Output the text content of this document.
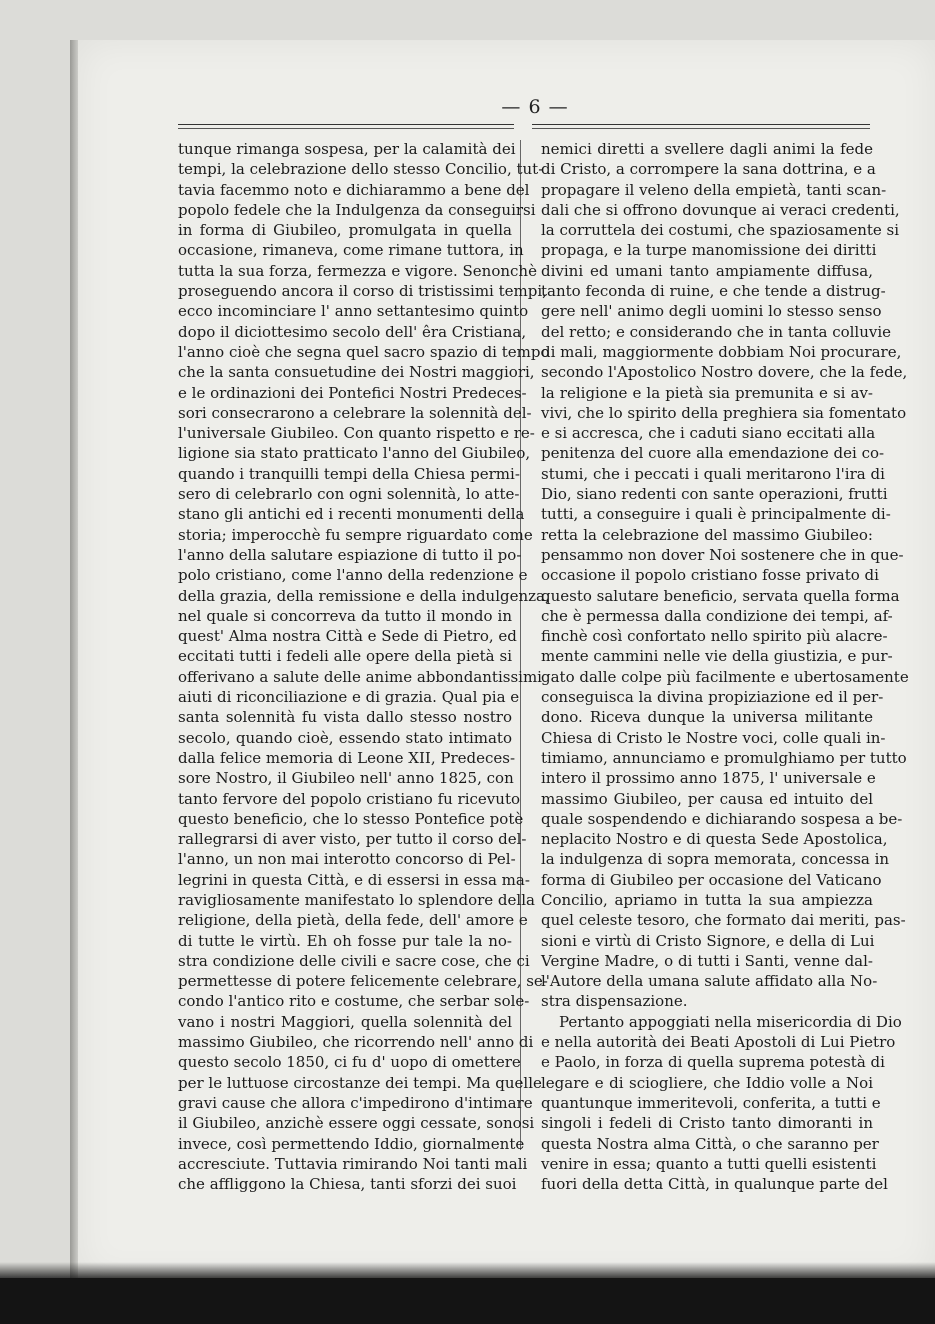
— 6 —
tunque rimanga sospesa, per la calamità dei
tempi, la celebrazione dello stesso Concilio, tut-
tavia facemmo noto e dichiarammo a bene del
popolo fedele che la Indulgenza da conseguirsi
in forma di Giubileo, promulgata in quella
occasione, rimaneva, come rimane tuttora, in
tutta la sua forza, fermezza e vigore. Senonchè
proseguendo ancora il corso di tristissimi tempi,
ecco incominciare l' anno settantesimo quinto
dopo il diciottesimo secolo dell' êra Cristiana,
l'anno cioè che segna quel sacro spazio di tempo
che la santa consuetudine dei Nostri maggiori,
e le ordinazioni dei Pontefici Nostri Predeces-
sori consecrarono a celebrare la solennità del-
l'universale Giubileo. Con quanto rispetto e re-
ligione sia stato pratticato l'anno del Giubileo,
quando i tranquilli tempi della Chiesa permi-
sero di celebrarlo con ogni solennità, lo atte-
stano gli antichi ed i recenti monumenti della
storia; imperocchè fu sempre riguardato come
l'anno della salutare espiazione di tutto il po-
polo cristiano, come l'anno della redenzione e
della grazia, della remissione e della indulgenza,
nel quale si concorreva da tutto il mondo in
quest' Alma nostra Città e Sede di Pietro, ed
eccitati tutti i fedeli alle opere della pietà si
offerivano a salute delle anime abbondantissimi
aiuti di riconciliazione e di grazia. Qual pia e
santa solennità fu vista dallo stesso nostro
secolo, quando cioè, essendo stato intimato
dalla felice memoria di Leone XII, Predeces-
sore Nostro, il Giubileo nell' anno 1825, con
tanto fervore del popolo cristiano fu ricevuto
questo beneficio, che lo stesso Pontefice potè
rallegrarsi di aver visto, per tutto il corso del-
l'anno, un non mai interotto concorso di Pel-
legrini in questa Città, e di essersi in essa ma-
ravigliosamente manifestato lo splendore della
religione, della pietà, della fede, dell' amore e
di tutte le virtù. Eh oh fosse pur tale la no-
stra condizione delle civili e sacre cose, che ci
permettesse di potere felicemente celebrare, se-
condo l'antico rito e costume, che serbar sole-
vano i nostri Maggiori, quella solennità del
massimo Giubileo, che ricorrendo nell' anno di
questo secolo 1850, ci fu d' uopo di omettere
per le luttuose circostanze dei tempi. Ma quelle
gravi cause che allora c'impedirono d'intimare
il Giubileo, anzichè essere oggi cessate, sonosi
invece, così permettendo Iddio, giornalmente
accresciute. Tuttavia rimirando Noi tanti mali
che affliggono la Chiesa, tanti sforzi dei suoi
nemici diretti a svellere dagli animi la fede
di Cristo, a corrompere la sana dottrina, e a
propagare il veleno della empietà, tanti scan-
dali che si offrono dovunque ai veraci credenti,
la corruttela dei costumi, che spaziosamente si
propaga, e la turpe manomissione dei diritti
divini ed umani tanto ampiamente diffusa,
tanto feconda di ruine, e che tende a distrug-
gere nell' animo degli uomini lo stesso senso
del retto; e considerando che in tanta colluvie
di mali, maggiormente dobbiam Noi procurare,
secondo l'Apostolico Nostro dovere, che la fede,
la religione e la pietà sia premunita e si av-
vivi, che lo spirito della preghiera sia fomentato
e si accresca, che i caduti siano eccitati alla
penitenza del cuore alla emendazione dei co-
stumi, che i peccati i quali meritarono l'ira di
Dio, siano redenti con sante operazioni, frutti
tutti, a conseguire i quali è principalmente di-
retta la celebrazione del massimo Giubileo:
pensammo non dover Noi sostenere che in que-
occasione il popolo cristiano fosse privato di
questo salutare beneficio, servata quella forma
che è permessa dalla condizione dei tempi, af-
finchè così confortato nello spirito più alacre-
mente cammini nelle vie della giustizia, e pur-
gato dalle colpe più facilmente e ubertosamente
conseguisca la divina propiziazione ed il per-
dono. Riceva dunque la universa militante
Chiesa di Cristo le Nostre voci, colle quali in-
timiamo, annunciamo e promulghiamo per tutto
intero il prossimo anno 1875, l' universale e
massimo Giubileo, per causa ed intuito del
quale sospendendo e dichiarando sospesa a be-
neplacito Nostro e di questa Sede Apostolica,
la indulgenza di sopra memorata, concessa in
forma di Giubileo per occasione del Vaticano
Concilio, apriamo in tutta la sua ampiezza
quel celeste tesoro, che formato dai meriti, pas-
sioni e virtù di Cristo Signore, e della di Lui
Vergine Madre, o di tutti i Santi, venne dal-
l'Autore della umana salute affidato alla No-
stra dispensazione.
Pertanto appoggiati nella misericordia di Dio
e nella autorità dei Beati Apostoli di Lui Pietro
e Paolo, in forza di quella suprema potestà di
legare e di sciogliere, che Iddio volle a Noi
quantunque immeritevoli, conferita, a tutti e
singoli i fedeli di Cristo tanto dimoranti in
questa Nostra alma Città, o che saranno per
venire in essa; quanto a tutti quelli esistenti
fuori della detta Città, in qualunque parte del
